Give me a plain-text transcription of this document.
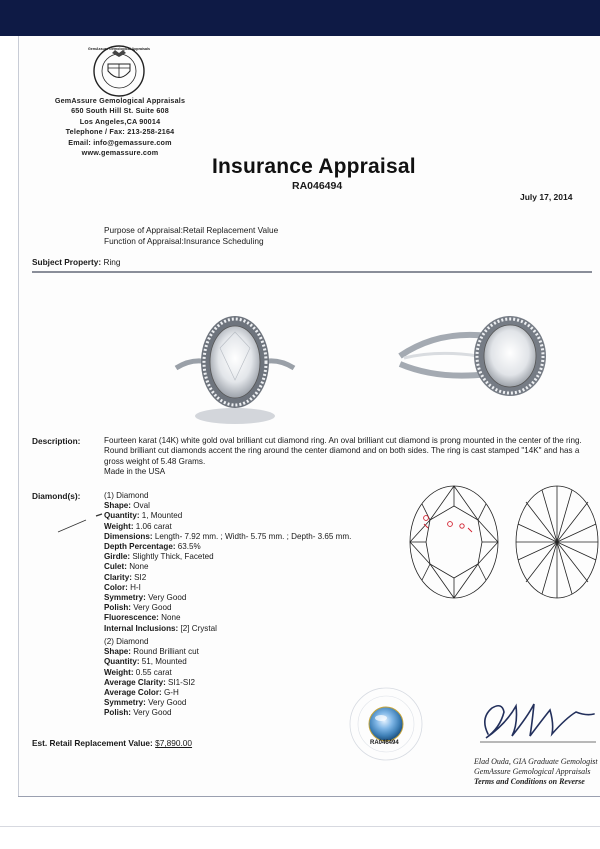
GemAssure Gemological Appraisals
GemAssure Gemological Appraisals
650 South Hill St. Suite 608
Los Angeles,CA 90014
Telephone / Fax: 213-258-2164
Email: info@gemassure.com
www.gemassure.com
Insurance Appraisal
RA046494
July 17, 2014
Purpose of Appraisal:Retail Replacement Value
Function of Appraisal:Insurance Scheduling
Subject Property: Ring
Description:	Fourteen karat (14K) white gold oval brilliant cut diamond ring. An oval brilliant cut diamond is prong mounted in the center of the ring. Round brilliant cut diamonds accent the ring around the center diamond and on both sides. The ring is cast stamped "14K" and has a gross weight of 5.48 Grams.
Made in the USA
Diamond(s):	(1) Diamond
Shape: Oval
Quantity: 1, Mounted
Weight: 1.06 carat
Dimensions: Length- 7.92 mm. ; Width- 5.75 mm. ; Depth- 3.65 mm.
Depth Percentage: 63.5%
Girdle: Slightly Thick, Faceted
Culet: None
Clarity: SI2
Color: H-I
Symmetry: Very Good
Polish: Very Good
Fluorescence: None
Internal Inclusions: [2] Crystal
(2) Diamond
Shape: Round Brilliant cut
Quantity: 51, Mounted
Weight: 0.55 carat
Average Clarity: SI1-SI2
Average Color: G-H
Symmetry: Very Good
Polish: Very Good
RA046494
Est. Retail Replacement Value: $7,890.00
Elad Ouda, GIA Graduate Gemologist
GemAssure Gemological Appraisals
Terms and Conditions on Reverse
